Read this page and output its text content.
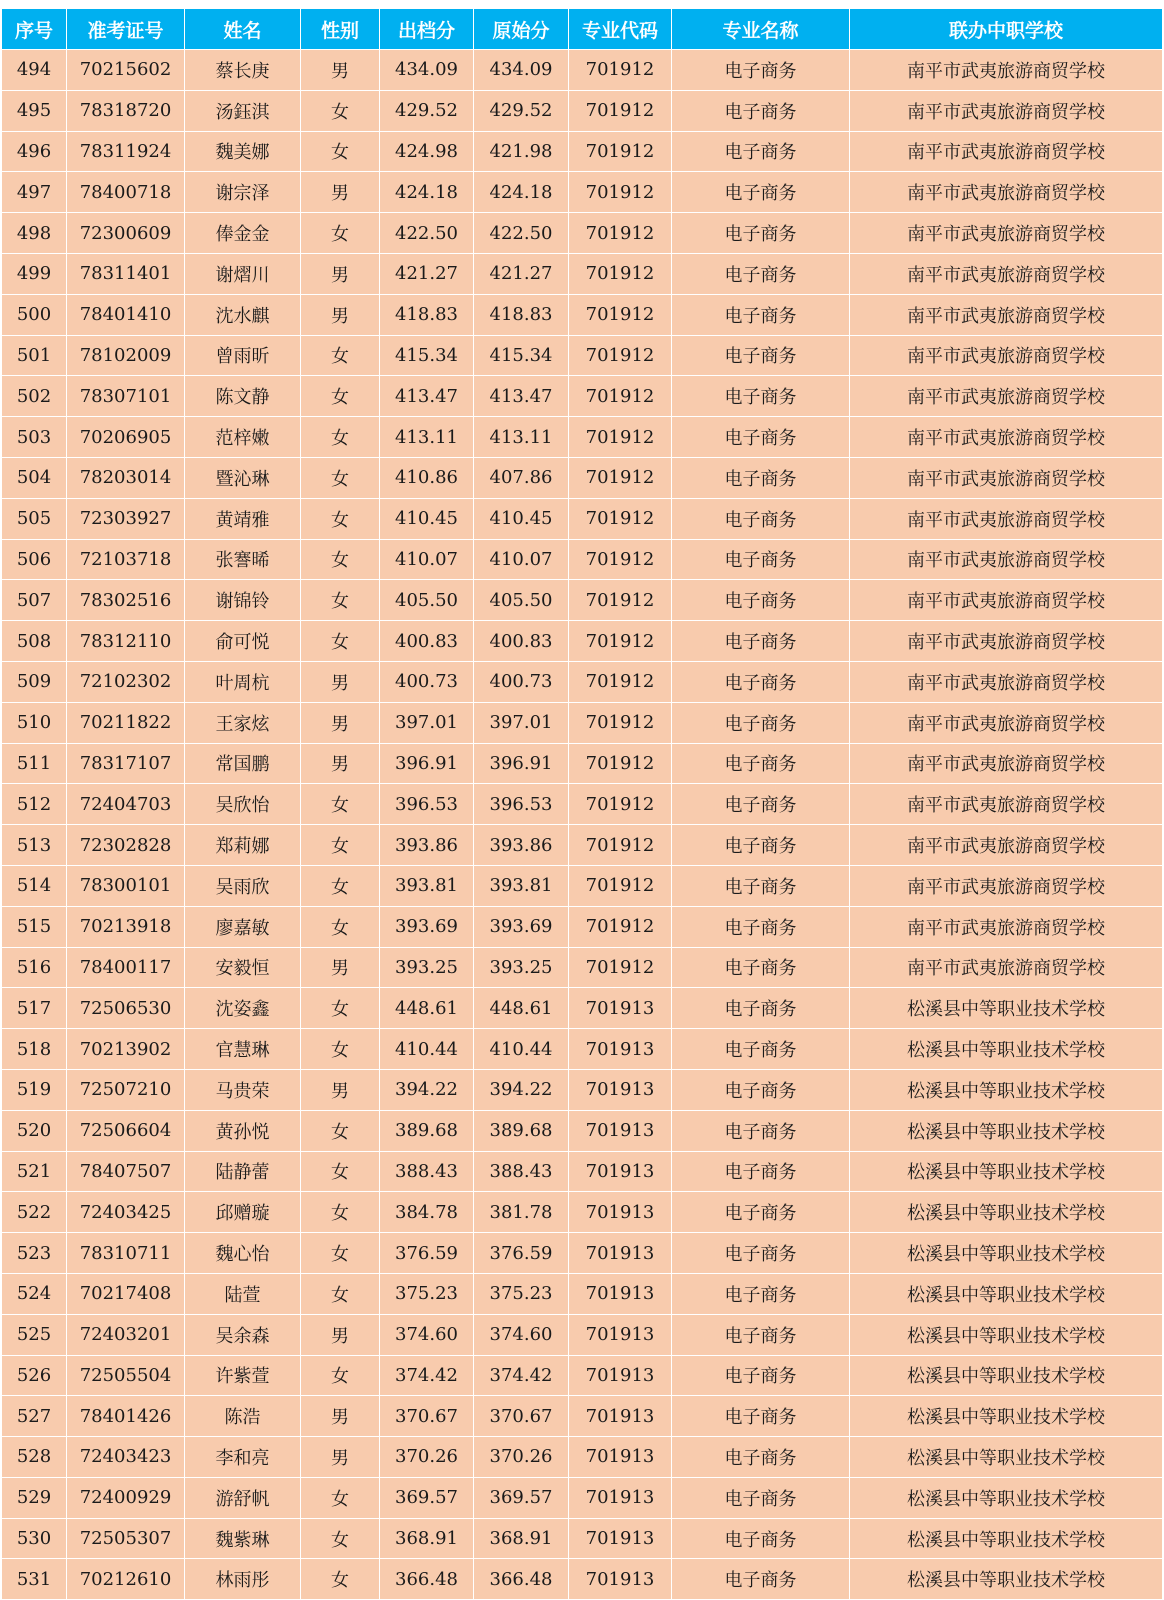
序号	准考证号	姓名	性别	出档分	原始分	专业代码	专业名称	联办中职学校
494	70215602	蔡长庚	男	434.09	434.09	701912	电子商务	南平市武夷旅游商贸学校
495	78318720	汤鈺淇	女	429.52	429.52	701912	电子商务	南平市武夷旅游商贸学校
496	78311924	魏美娜	女	424.98	421.98	701912	电子商务	南平市武夷旅游商贸学校
497	78400718	谢宗泽	男	424.18	424.18	701912	电子商务	南平市武夷旅游商贸学校
498	72300609	俸金金	女	422.50	422.50	701912	电子商务	南平市武夷旅游商贸学校
499	78311401	谢熠川	男	421.27	421.27	701912	电子商务	南平市武夷旅游商贸学校
500	78401410	沈水麒	男	418.83	418.83	701912	电子商务	南平市武夷旅游商贸学校
501	78102009	曾雨昕	女	415.34	415.34	701912	电子商务	南平市武夷旅游商贸学校
502	78307101	陈文静	女	413.47	413.47	701912	电子商务	南平市武夷旅游商贸学校
503	70206905	范梓嫩	女	413.11	413.11	701912	电子商务	南平市武夷旅游商贸学校
504	78203014	暨沁琳	女	410.86	407.86	701912	电子商务	南平市武夷旅游商贸学校
505	72303927	黄靖雅	女	410.45	410.45	701912	电子商务	南平市武夷旅游商贸学校
506	72103718	张謇晞	女	410.07	410.07	701912	电子商务	南平市武夷旅游商贸学校
507	78302516	谢锦铃	女	405.50	405.50	701912	电子商务	南平市武夷旅游商贸学校
508	78312110	俞可悦	女	400.83	400.83	701912	电子商务	南平市武夷旅游商贸学校
509	72102302	叶周杭	男	400.73	400.73	701912	电子商务	南平市武夷旅游商贸学校
510	70211822	王家炫	男	397.01	397.01	701912	电子商务	南平市武夷旅游商贸学校
511	78317107	常国鹏	男	396.91	396.91	701912	电子商务	南平市武夷旅游商贸学校
512	72404703	吴欣怡	女	396.53	396.53	701912	电子商务	南平市武夷旅游商贸学校
513	72302828	郑莉娜	女	393.86	393.86	701912	电子商务	南平市武夷旅游商贸学校
514	78300101	吴雨欣	女	393.81	393.81	701912	电子商务	南平市武夷旅游商贸学校
515	70213918	廖嘉敏	女	393.69	393.69	701912	电子商务	南平市武夷旅游商贸学校
516	78400117	安毅恒	男	393.25	393.25	701912	电子商务	南平市武夷旅游商贸学校
517	72506530	沈姿鑫	女	448.61	448.61	701913	电子商务	松溪县中等职业技术学校
518	70213902	官慧琳	女	410.44	410.44	701913	电子商务	松溪县中等职业技术学校
519	72507210	马贵荣	男	394.22	394.22	701913	电子商务	松溪县中等职业技术学校
520	72506604	黄孙悦	女	389.68	389.68	701913	电子商务	松溪县中等职业技术学校
521	78407507	陆静蕾	女	388.43	388.43	701913	电子商务	松溪县中等职业技术学校
522	72403425	邱赠璇	女	384.78	381.78	701913	电子商务	松溪县中等职业技术学校
523	78310711	魏心怡	女	376.59	376.59	701913	电子商务	松溪县中等职业技术学校
524	70217408	陆萱	女	375.23	375.23	701913	电子商务	松溪县中等职业技术学校
525	72403201	吴余森	男	374.60	374.60	701913	电子商务	松溪县中等职业技术学校
526	72505504	许紫萱	女	374.42	374.42	701913	电子商务	松溪县中等职业技术学校
527	78401426	陈浩	男	370.67	370.67	701913	电子商务	松溪县中等职业技术学校
528	72403423	李和亮	男	370.26	370.26	701913	电子商务	松溪县中等职业技术学校
529	72400929	游舒帆	女	369.57	369.57	701913	电子商务	松溪县中等职业技术学校
530	72505307	魏紫琳	女	368.91	368.91	701913	电子商务	松溪县中等职业技术学校
531	70212610	林雨彤	女	366.48	366.48	701913	电子商务	松溪县中等职业技术学校
